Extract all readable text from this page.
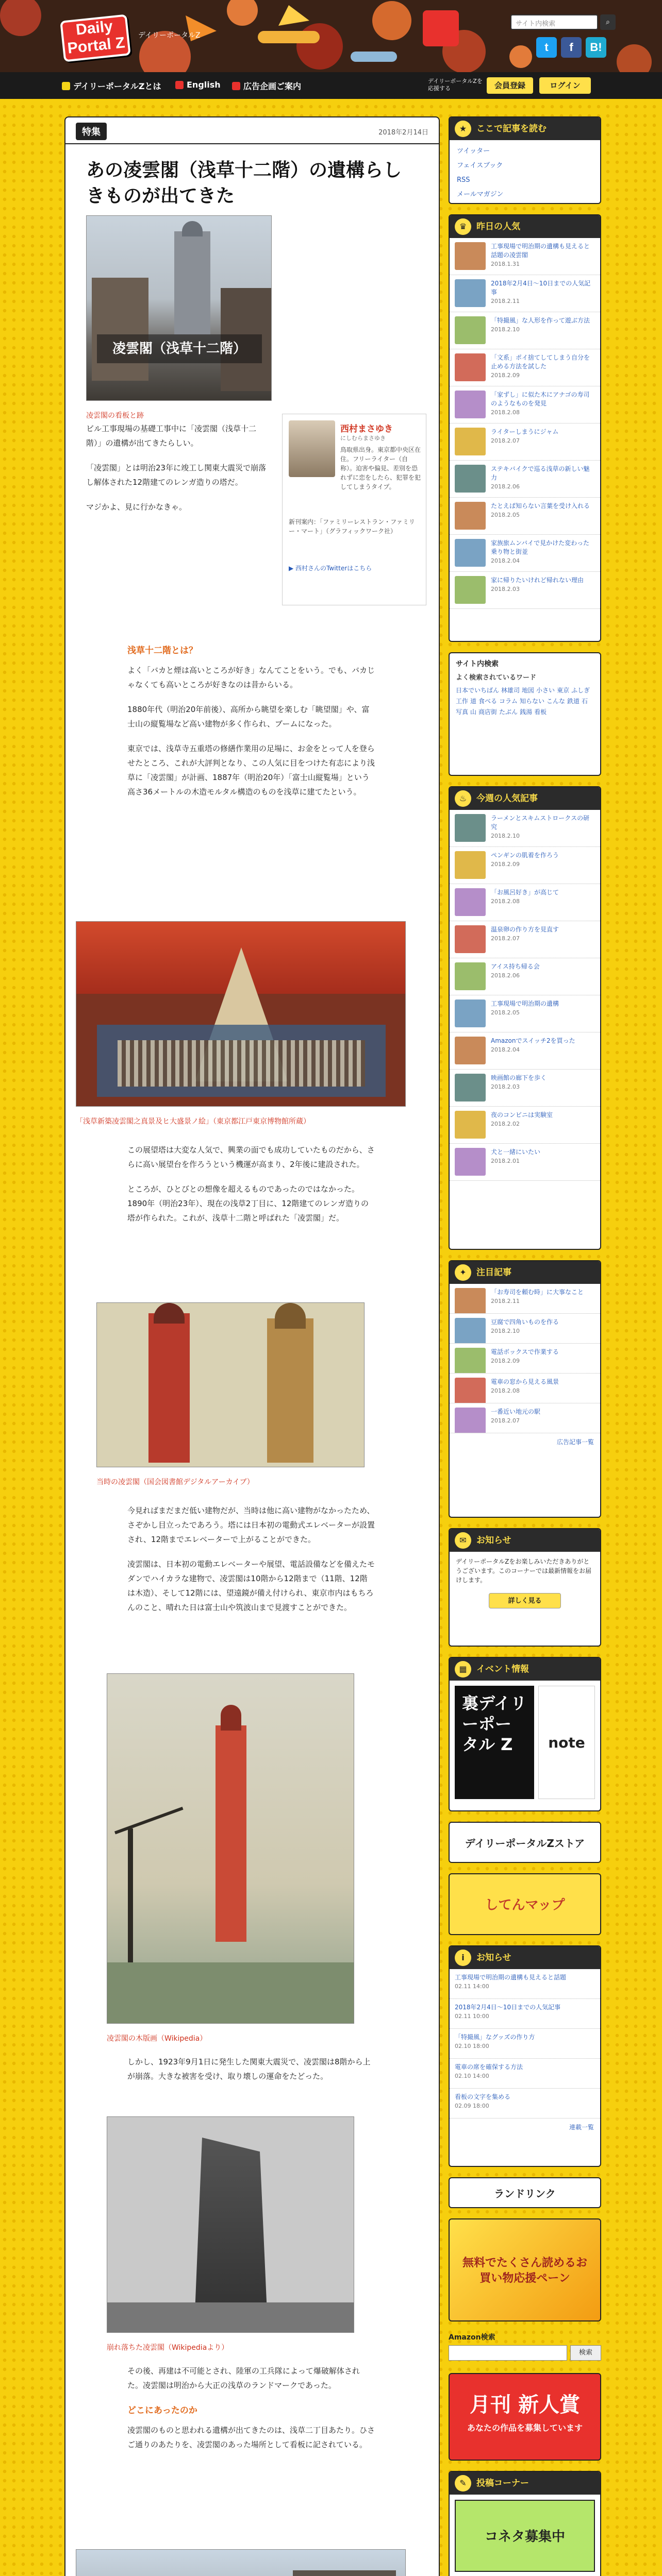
Daily
Portal Z	デイリーポータルZ
サイト内検索	⌕
t	f	B!
デイリーポータルZとは	English	広告企画ご案内
デイリーポータルZを
応援する	会員登録	ログイン
特集	2018年2月14日
あの凌雲閣（浅草十二階）の遺構らしきものが出てきた
凌雲閣（浅草十二階）
凌雲閣の看板と跡

ビル工事現場の基礎工事中に「凌雲閣（浅草十二階）」の遺構が出てきたらしい。

「凌雲閣」とは明治23年に竣工し関東大震災で崩落し解体された12階建てのレンガ造りの塔だ。

マジかよ、見に行かなきゃ。

西村まさゆき
にしむらまさゆき
鳥取県出身。東京都中央区在住。フリーライター（自称）。迫害や偏見、差別を恐れずに恋をしたら、犯罪を犯してしまうタイプ。
新刊案内：「ファミリーレストラン・ファミリー・マート」（グラフィックワーク社）
▶ 西村さんのTwitterはこちら
浅草十二階とは？

よく「バカと煙は高いところが好き」なんてことをいう。でも、バカじゃなくても高いところが好きなのは昔からいる。

1880年代（明治20年前後）、高所から眺望を楽しむ「眺望閣」や、富士山の縦覧場など高い建物が多く作られ、ブームになった。

東京では、浅草寺五重塔の修繕作業用の足場に、お金をとって人を登らせたところ、これが大評判となり、この人気に目をつけた有志により浅草に「凌雲閣」が計画、1887年（明治20年）「富士山縦覧場」という高さ36メートルの木造モルタル構造のものを浅草に建てたという。

「浅草新築凌雲閣之真景及ヒ大盛景ノ絵」（東京都江戸東京博物館所蔵）

この展望塔は大変な人気で、興業の面でも成功していたものだから、さらに高い展望台を作ろうという機運が高まり、2年後に建設された。

ところが、ひとびとの想像を超えるものであったのではなかった。1890年（明治23年）、現在の浅草2丁目に、12階建てのレンガ造りの塔が作られた。これが、浅草十二階と呼ばれた「凌雲閣」だ。

当時の凌雲閣（国会図書館デジタルアーカイブ）

今見ればまだまだ低い建物だが、当時は他に高い建物がなかったため、さぞかし目立ったであろう。塔には日本初の電動式エレベーターが設置され、12階までエレベーターで上がることができた。

凌雲閣は、日本初の電動エレベーターや展望、電話設備などを備えたモダンでハイカラな建物で、凌雲閣は10階から12階まで（11階、12階は木造）、そして12階には、望遠鏡が備え付けられ、東京市内はもちろんのこと、晴れた日は富士山や筑波山まで見渡すことができた。

凌雲閣の木版画（Wikipedia）

しかし、1923年9月1日に発生した関東大震災で、凌雲閣は8階から上が崩落。大きな被害を受け、取り壊しの運命をたどった。

崩れ落ちた凌雲閣（Wikipediaより）

その後、再建は不可能とされ、陸軍の工兵隊によって爆破解体された。凌雲閣は明治から大正の浅草のランドマークであった。

どこにあったのか

凌雲閣のものと思われる遺構が出てきたのは、浅草二丁目あたり。ひさご通りのあたりを、凌雲閣のあった場所として看板に記されている。

★	ここで記事を読む
ツイッター
フェイスブック
RSS
メールマガジン
♛	昨日の人気
工事現場で明治期の遺構も見えると話題の凌雲閣
2018.1.31
2018年2月4日〜10日までの人気記事
2018.2.11
「特撮風」な人形を作って遊ぶ方法
2018.2.10
「文系」ポイ捨てしてしまう自分を止める方法を試した
2018.2.09
「家ずし」に似た木にアナゴの寿司のようなものを発見
2018.2.08
ライターしまうにジャム
2018.2.07
ステキバイクで巡る浅草の新しい魅力
2018.2.06
たとえば知らない言葉を受け入れる
2018.2.05
家族旅ムンバイで見かけた変わった乗り物と街並
2018.2.04
家に帰りたいけれど帰れない理由
2018.2.03
サイト内検索
よく検索されているワード
日本でいちばん 林雄司 地図 小さい 東京 ふしぎ工作 道 食べる コラム 知らない こんな 鉄道 石写真 山 商店街 たぶん 銭湯 看板
♨	今週の人気記事
ラーメンとスキムストロークスの研究
2018.2.10
ペンギンの肌着を作ろう
2018.2.09
「お風呂好き」が高じて
2018.2.08
温泉卵の作り方を見直す
2018.2.07
アイス持ち帰る会
2018.2.06
工事現場で明治期の遺構
2018.2.05
Amazonでスイッチ2を買った
2018.2.04
映画館の廊下を歩く
2018.2.03
夜のコンビニは実験室
2018.2.02
犬と一緒にいたい
2018.2.01
✦	注目記事
「お寿司を頼む時」に大事なこと
2018.2.11
豆腐で四角いものを作る
2018.2.10
電話ボックスで作業する
2018.2.09
電車の窓から見える風景
2018.2.08
一番近い地元の駅
2018.2.07
広告記事一覧
✉	お知らせ
デイリーポータルZをお楽しみいただきありがとうございます。このコーナーでは最新情報をお届けします。
詳しく見る
▦	イベント情報
裏デイリーポータル Z	note
デイリーポータルZストア
してんマップ
i	お知らせ
工事現場で明治期の遺構も見えると話題
02.11 14:00
2018年2月4日〜10日までの人気記事
02.11 10:00
「特撮風」なグッズの作り方
02.10 18:00
電車の席を確保する方法
02.10 14:00
看板の文字を集める
02.09 18:00
連載一覧
ランドリンク
無料でたくさん読めるお買い物応援ペーン
Amazon検索
検索
月刊 新人賞
あなたの作品を募集しています
✎	投稿コーナー
コネタ募集中
